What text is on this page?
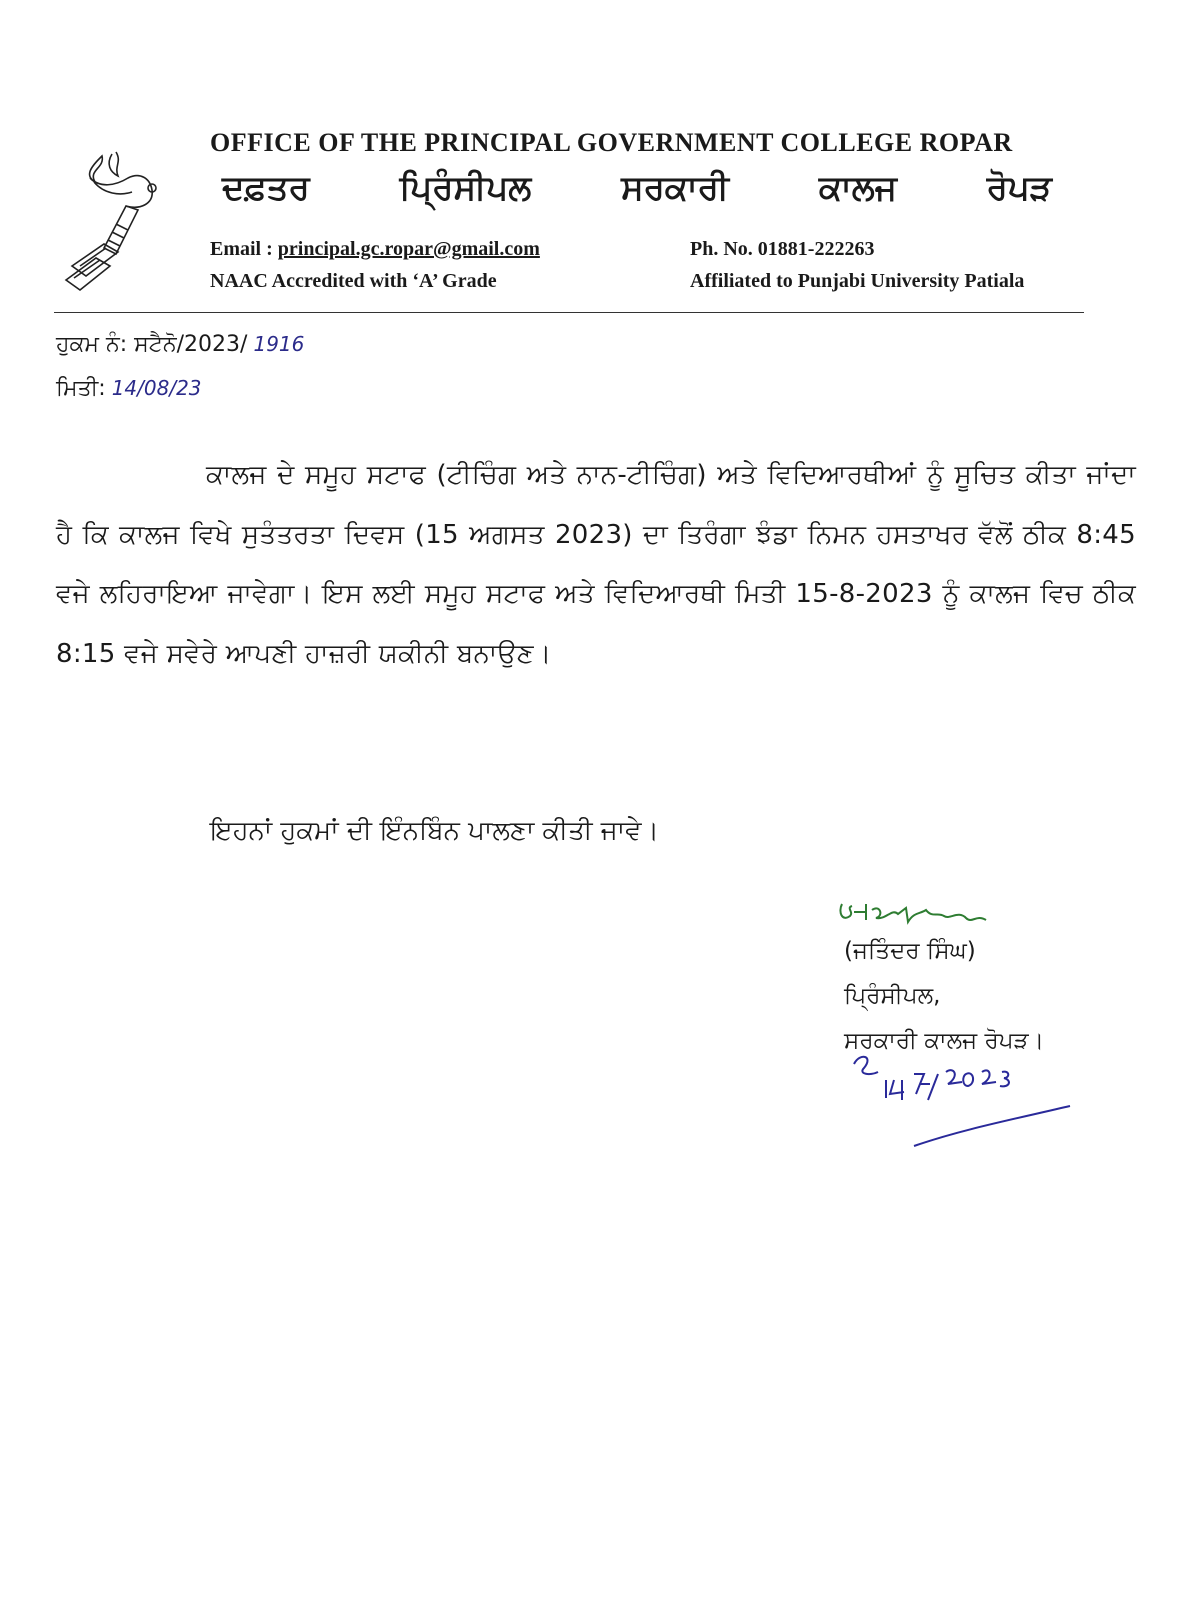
OFFICE OF THE PRINCIPAL GOVERNMENT COLLEGE ROPAR
ਦਫ਼ਤਰ	ਪ੍ਰਿੰਸੀਪਲ	ਸਰਕਾਰੀ	ਕਾਲਜ	ਰੋਪੜ
Email : principal.gc.ropar@gmail.com
NAAC Accredited with ‘A’ Grade
Ph. No. 01881-222263
Affiliated to Punjabi University Patiala
ਹੁਕਮ ਨੰ: ਸਟੈਨੋ/2023/ 1916
ਮਿਤੀ: 14/08/23
ਕਾਲਜ ਦੇ ਸਮੂਹ ਸਟਾਫ (ਟੀਚਿੰਗ ਅਤੇ ਨਾਨ-ਟੀਚਿੰਗ) ਅਤੇ ਵਿਦਿਆਰਥੀਆਂ ਨੂੰ ਸੂਚਿਤ ਕੀਤਾ ਜਾਂਦਾ ਹੈ ਕਿ ਕਾਲਜ ਵਿਖੇ ਸੁਤੰਤਰਤਾ ਦਿਵਸ (15 ਅਗਸਤ 2023) ਦਾ ਤਿਰੰਗਾ ਝੰਡਾ ਨਿਮਨ ਹਸਤਾਖਰ ਵੱਲੋਂ ਠੀਕ 8:45 ਵਜੇ ਲਹਿਰਾਇਆ ਜਾਵੇਗਾ। ਇਸ ਲਈ ਸਮੂਹ ਸਟਾਫ ਅਤੇ ਵਿਦਿਆਰਥੀ ਮਿਤੀ 15-8-2023 ਨੂੰ ਕਾਲਜ ਵਿਚ ਠੀਕ 8:15 ਵਜੇ ਸਵੇਰੇ ਆਪਣੀ ਹਾਜ਼ਰੀ ਯਕੀਨੀ ਬਨਾਉਣ।
ਇਹਨਾਂ ਹੁਕਮਾਂ ਦੀ ਇੰਨਬਿੰਨ ਪਾਲਣਾ ਕੀਤੀ ਜਾਵੇ।
(ਜਤਿੰਦਰ ਸਿੰਘ)
ਪ੍ਰਿੰਸੀਪਲ,
ਸਰਕਾਰੀ ਕਾਲਜ ਰੋਪੜ।
